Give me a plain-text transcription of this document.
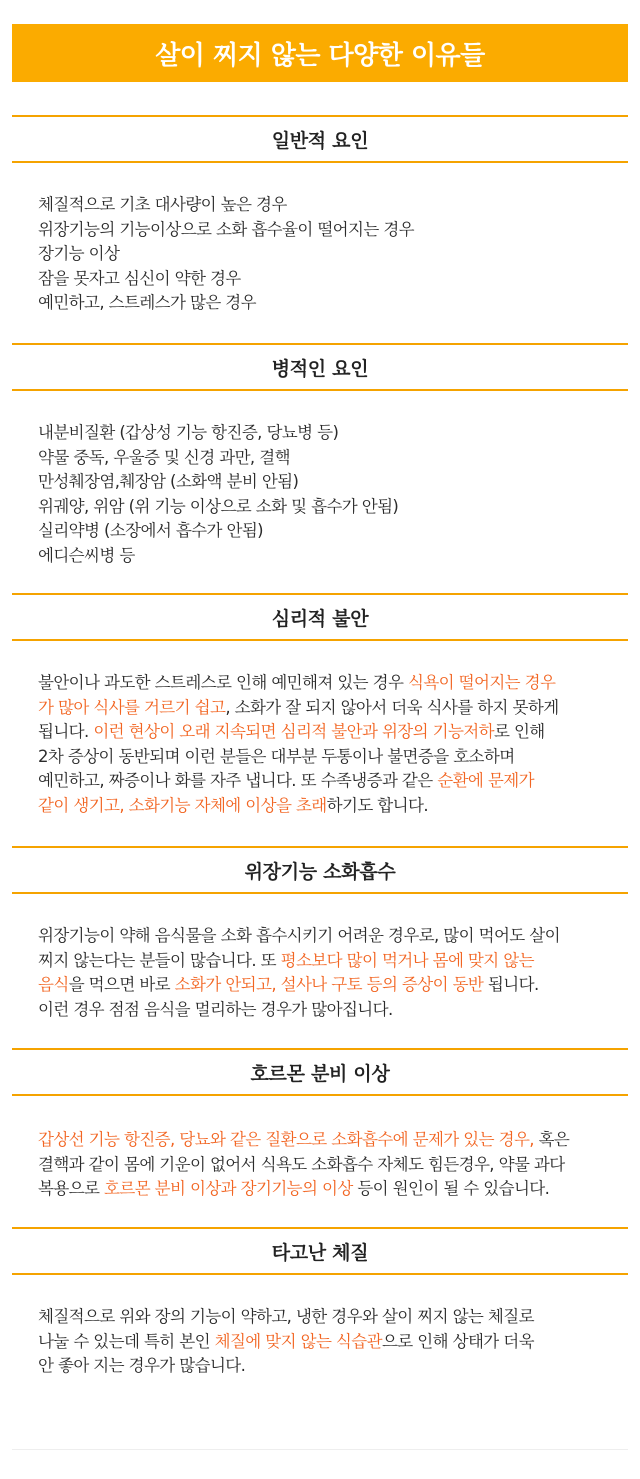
살이 찌지 않는 다양한 이유들
일반적 요인
체질적으로 기초 대사량이 높은 경우
위장기능의 기능이상으로 소화 흡수율이 떨어지는 경우
장기능 이상
잠을 못자고 심신이 약한 경우
예민하고, 스트레스가 많은 경우
병적인 요인
내분비질환 (갑상성 기능 항진증, 당뇨병 등)
약물 중독, 우울증 및 신경 과만, 결핵
만성췌장염,췌장암 (소화액 분비 안됨)
위궤양, 위암 (위 기능 이상으로 소화 및 흡수가 안됨)
실리약병 (소장에서 흡수가 안됨)
에디슨씨병 등
심리적 불안
불안이나 과도한 스트레스로 인해 예민해져 있는 경우 식욕이 떨어지는 경우
가 많아 식사를 거르기 쉽고, 소화가 잘 되지 않아서 더욱 식사를 하지 못하게
됩니다. 이런 현상이 오래 지속되면 심리적 불안과 위장의 기능저하로 인해
2차 증상이 동반되며 이런 분들은 대부분 두통이나 불면증을 호소하며
예민하고, 짜증이나 화를 자주 냅니다. 또 수족냉증과 같은 순환에 문제가
같이 생기고, 소화기능 자체에 이상을 초래하기도 합니다.
위장기능 소화흡수
위장기능이 약해 음식물을 소화 흡수시키기 어려운 경우로, 많이 먹어도 살이
찌지 않는다는 분들이 많습니다. 또 평소보다 많이 먹거나 몸에 맞지 않는
음식을 먹으면 바로 소화가 안되고, 설사나 구토 등의 증상이 동반 됩니다.
이런 경우 점점 음식을 멀리하는 경우가 많아집니다.
호르몬 분비 이상
갑상선 기능 항진증, 당뇨와 같은 질환으로 소화흡수에 문제가 있는 경우, 혹은
결핵과 같이 몸에 기운이 없어서 식욕도 소화흡수 자체도 힘든경우, 약물 과다
복용으로 호르몬 분비 이상과 장기기능의 이상 등이 원인이 될 수 있습니다.
타고난 체질
체질적으로 위와 장의 기능이 약하고, 냉한 경우와 살이 찌지 않는 체질로
나눌 수 있는데 특히 본인 체질에 맞지 않는 식습관으로 인해 상태가 더욱
안 좋아 지는 경우가 많습니다.
